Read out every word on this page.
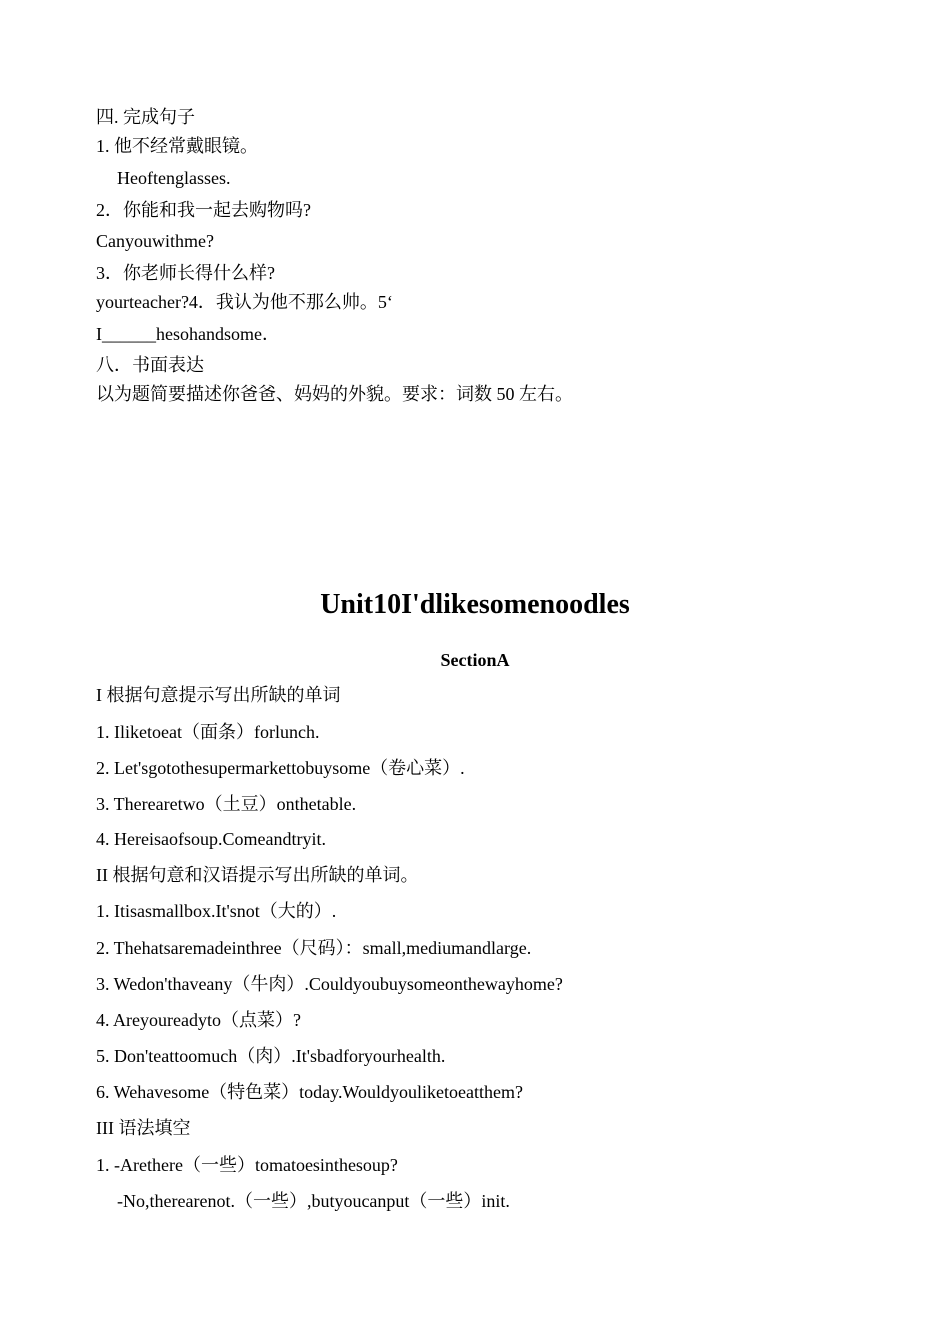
四. 完成句子
1. 他不经常戴眼镜。
Heoftenglasses.
2．你能和我一起去购物吗?
Canyouwithme?
3．你老师长得什么样?
yourteacher?4．我认为他不那么帅。5‘
I______hesohandsome．
八．书面表达
以为题简要描述你爸爸、妈妈的外貌。要求：词数 50 左右。
Unit10I'dlikesomenoodles
SectionA
I 根据句意提示写出所缺的单词
1. Iliketoeat（面条）forlunch.
2. Let'sgotothesupermarkettobuysome（卷心菜）.
3. Therearetwo（土豆）onthetable.
4. Hereisaofsoup.Comeandtryit.
II 根据句意和汉语提示写出所缺的单词。
1. Itisasmallbox.It'snot（大的）.
2. Thehatsaremadeinthree（尺码）：small,mediumandlarge.
3. Wedon'thaveany（牛肉）.Couldyoubuysomeonthewayhome?
4. Areyoureadyto（点菜）?
5. Don'teattoomuch（肉）.It'sbadforyourhealth.
6. Wehavesome（特色菜）today.Wouldyouliketoeatthem?
III 语法填空
1. -Arethere（一些）tomatoesinthesoup?
-No,therearenot.（一些）,butyoucanput（一些）init.
